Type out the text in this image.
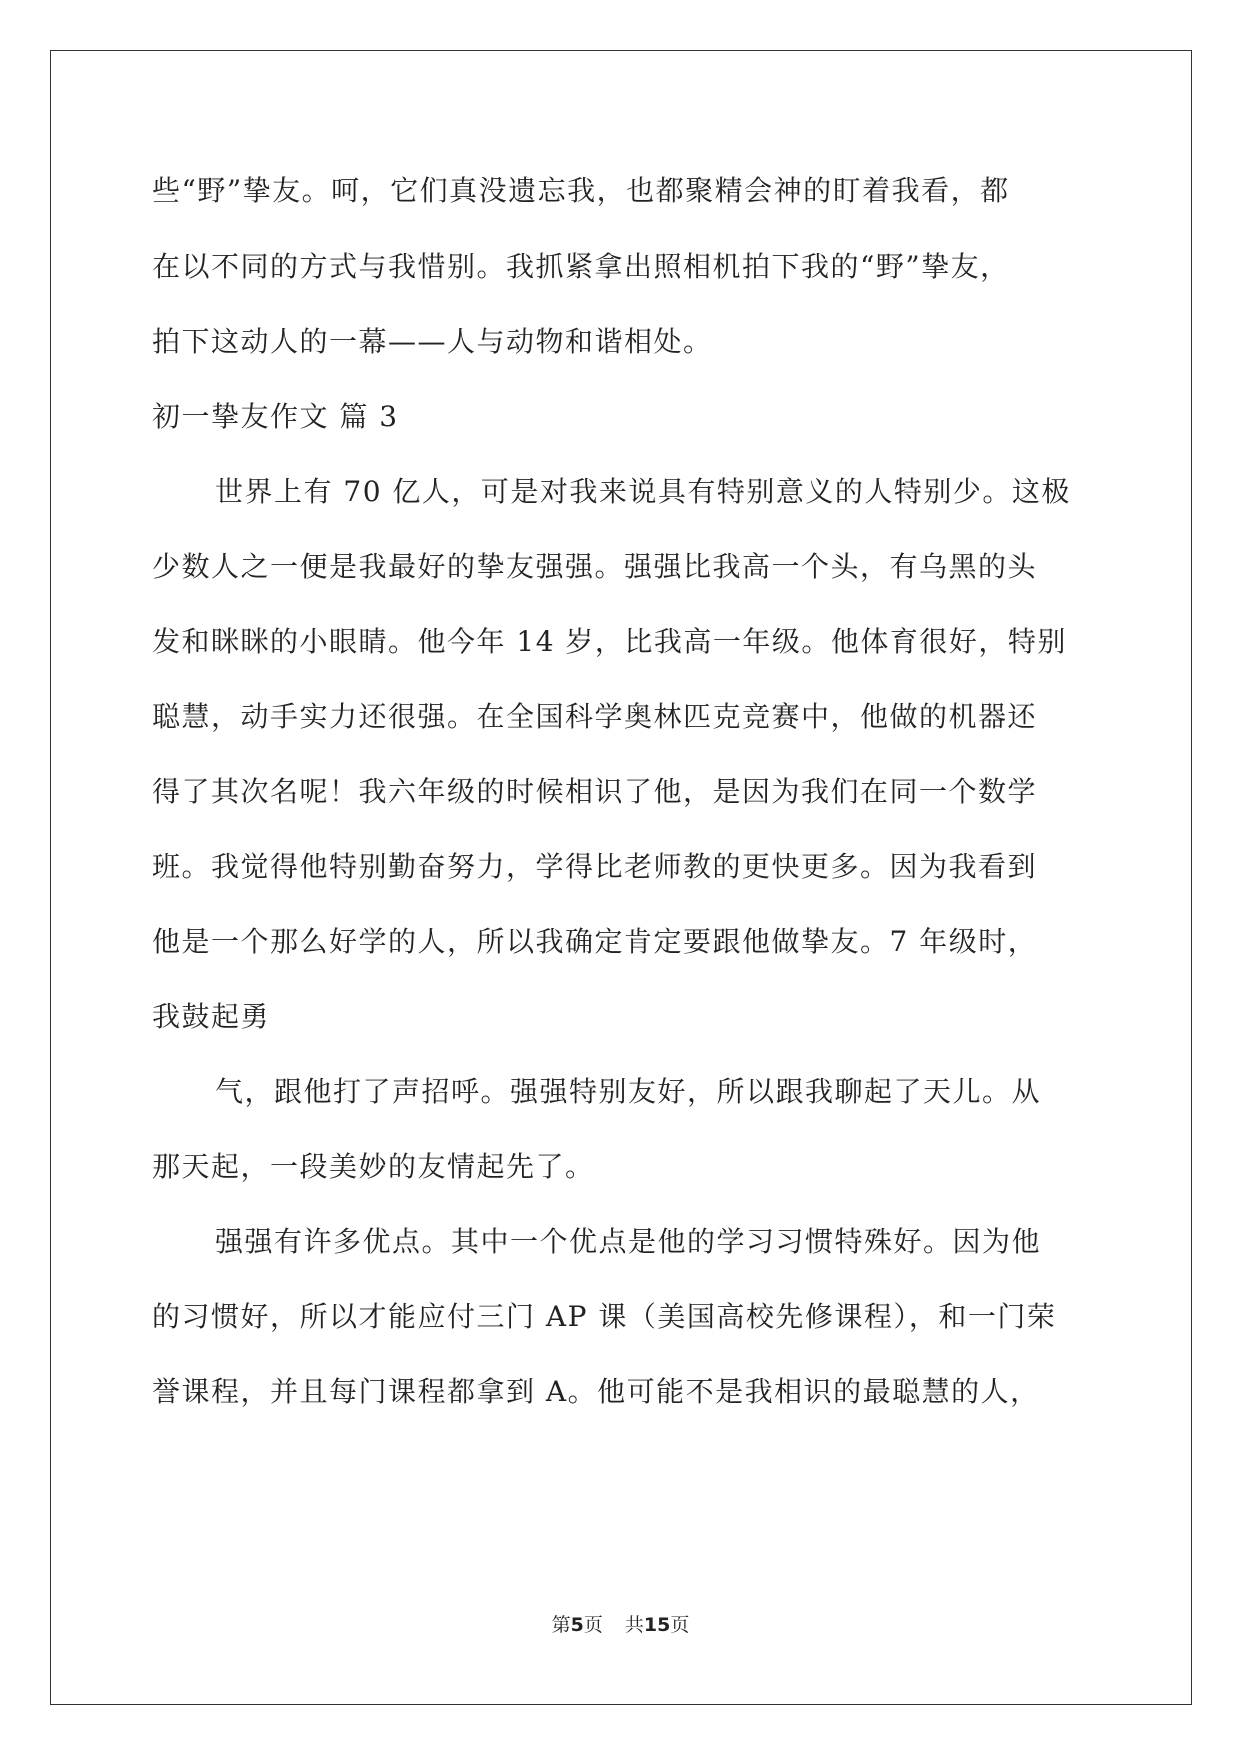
些“野”挚友。呵，它们真没遗忘我，也都聚精会神的盯着我看，都
在以不同的方式与我惜别。我抓紧拿出照相机拍下我的“野”挚友，
拍下这动人的一幕——人与动物和谐相处。
初一挚友作文 篇 3
世界上有 70 亿人，可是对我来说具有特别意义的人特别少。这极
少数人之一便是我最好的挚友强强。强强比我高一个头，有乌黑的头
发和眯眯的小眼睛。他今年 14 岁，比我高一年级。他体育很好，特别
聪慧，动手实力还很强。在全国科学奥林匹克竞赛中，他做的机器还
得了其次名呢！我六年级的时候相识了他，是因为我们在同一个数学
班。我觉得他特别勤奋努力，学得比老师教的更快更多。因为我看到
他是一个那么好学的人，所以我确定肯定要跟他做挚友。7 年级时，
我鼓起勇
气，跟他打了声招呼。强强特别友好，所以跟我聊起了天儿。从
那天起，一段美妙的友情起先了。
强强有许多优点。其中一个优点是他的学习习惯特殊好。因为他
的习惯好，所以才能应付三门 AP 课（美国高校先修课程），和一门荣
誉课程，并且每门课程都拿到 A。他可能不是我相识的最聪慧的人，
第5页 共15页
